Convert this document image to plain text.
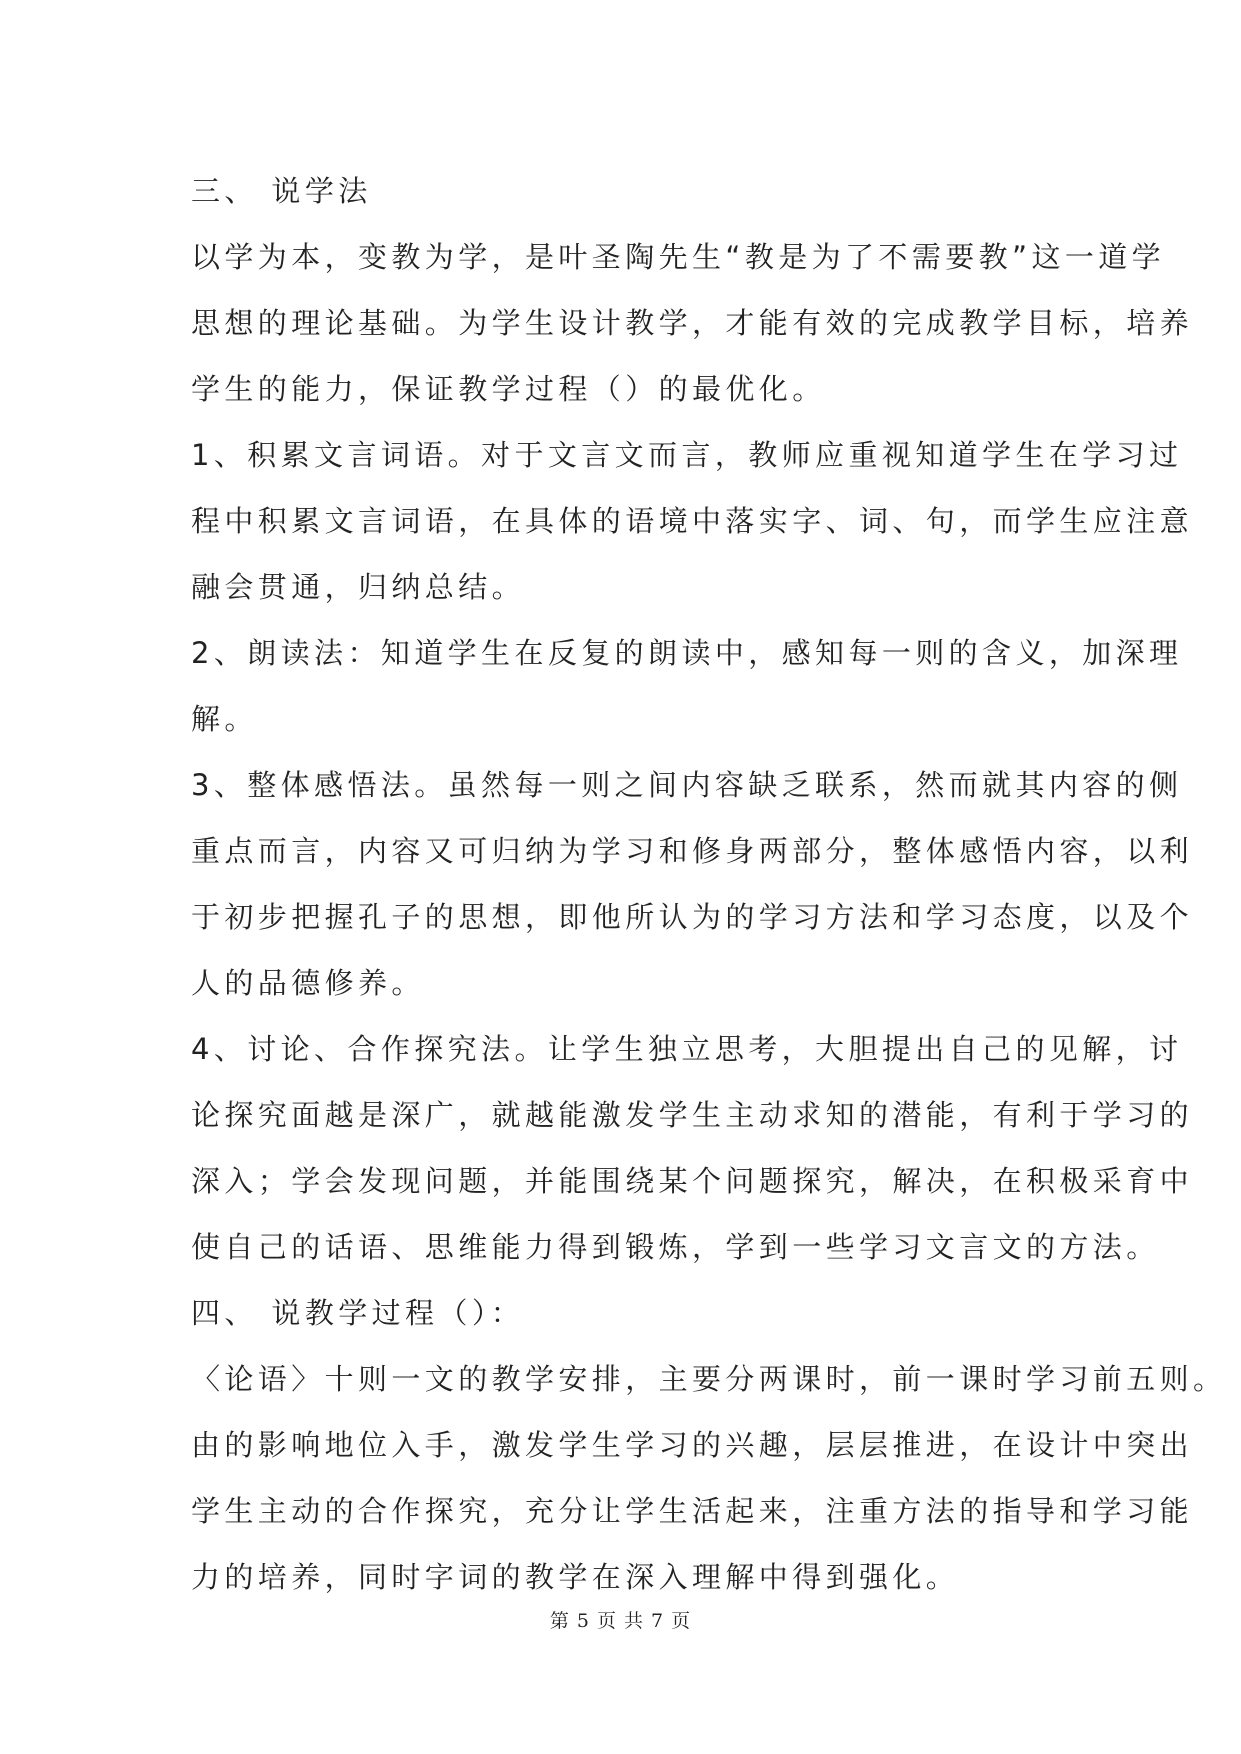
三、 说学法
以学为本，变教为学，是叶圣陶先生“教是为了不需要教”这一道学
思想的理论基础。为学生设计教学，才能有效的完成教学目标，培养
学生的能力，保证教学过程（）的最优化。
1、积累文言词语。对于文言文而言，教师应重视知道学生在学习过
程中积累文言词语，在具体的语境中落实字、词、句，而学生应注意
融会贯通，归纳总结。
2、朗读法：知道学生在反复的朗读中，感知每一则的含义，加深理
解。
3、整体感悟法。虽然每一则之间内容缺乏联系，然而就其内容的侧
重点而言，内容又可归纳为学习和修身两部分，整体感悟内容，以利
于初步把握孔子的思想，即他所认为的学习方法和学习态度，以及个
人的品德修养。
4、讨论、合作探究法。让学生独立思考，大胆提出自己的见解，讨
论探究面越是深广，就越能激发学生主动求知的潜能，有利于学习的
深入；学会发现问题，并能围绕某个问题探究，解决，在积极采育中
使自己的话语、思维能力得到锻炼，学到一些学习文言文的方法。
四、 说教学过程（）：
〈论语〉十则一文的教学安排，主要分两课时，前一课时学习前五则。
由的影响地位入手，激发学生学习的兴趣，层层推进，在设计中突出
学生主动的合作探究，充分让学生活起来，注重方法的指导和学习能
力的培养，同时字词的教学在深入理解中得到强化。
第 5 页 共 7 页
